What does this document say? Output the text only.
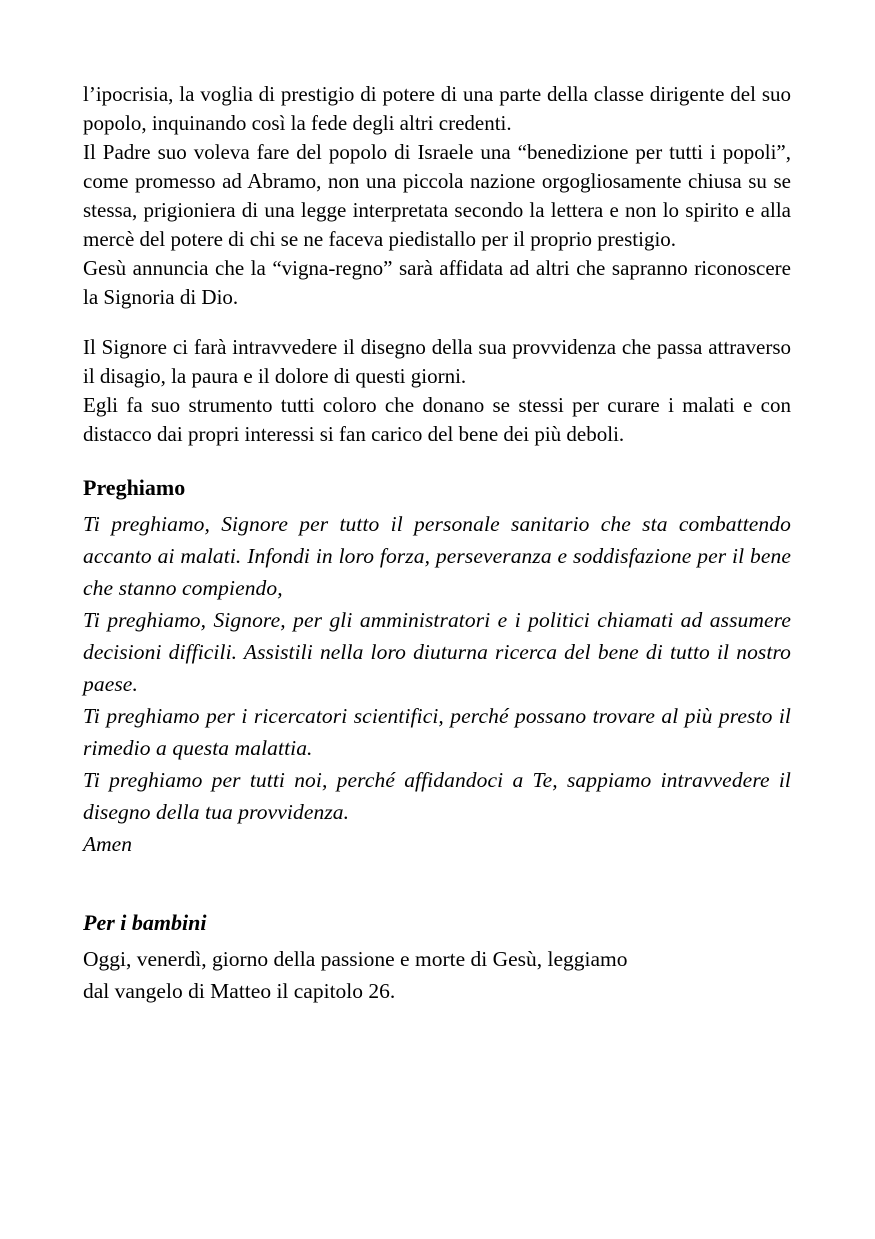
l’ipocrisia, la voglia di prestigio di potere di una parte della classe dirigente del suo popolo, inquinando così la fede degli altri credenti.

Il Padre suo voleva fare del popolo di Israele una “benedizione per tutti i popoli”, come promesso ad Abramo, non una piccola nazione orgogliosamente chiusa su se stessa, prigioniera di una legge interpretata secondo la lettera e non lo spirito e alla mercè del potere di chi se ne faceva piedistallo per il proprio prestigio.

Gesù annuncia che la “vigna-regno” sarà affidata ad altri che sapranno riconoscere la Signoria di Dio.

Il Signore ci farà intravvedere il disegno della sua provvidenza che passa attraverso il disagio, la paura e il dolore di questi giorni.

Egli fa suo strumento tutti coloro che donano se stessi per curare i malati e con distacco dai propri interessi si fan carico del bene dei più deboli.

Preghiamo

Ti preghiamo, Signore per tutto il personale sanitario che sta combattendo accanto ai malati. Infondi in loro forza, perseveranza e soddisfazione per il bene che stanno compiendo,

Ti preghiamo, Signore, per gli amministratori e i politici chiamati ad assumere decisioni difficili. Assistili nella loro diuturna ricerca del bene di tutto il nostro paese.

Ti preghiamo per i ricercatori scientifici, perché possano trovare al più presto il rimedio a questa malattia.

Ti preghiamo per tutti noi, perché affidandoci a Te, sappiamo intravvedere il disegno della tua provvidenza.

Amen

Per i bambini

Oggi, venerdì, giorno della passione e morte di Gesù, leggiamo

dal vangelo di Matteo il capitolo 26.
